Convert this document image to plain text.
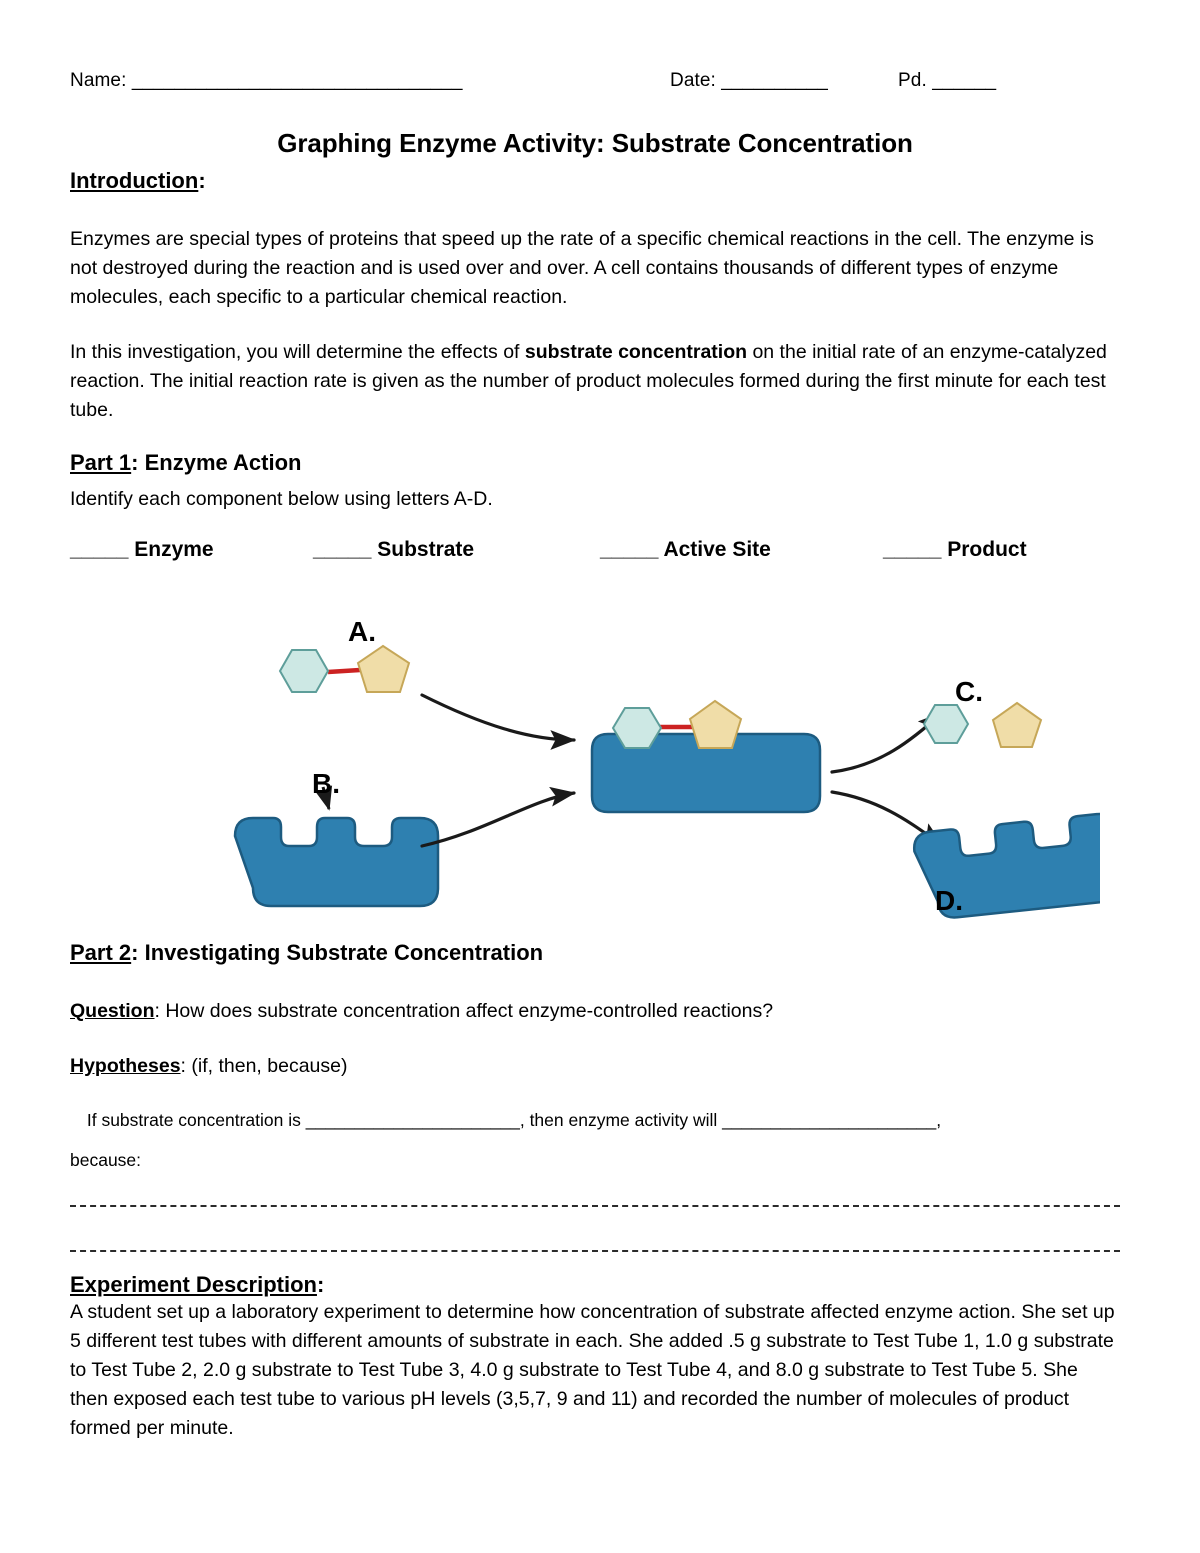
Name: _______________________________	Date: __________	Pd. ______
Graphing Enzyme Activity: Substrate Concentration
Introduction:
Enzymes are special types of proteins that speed up the rate of a specific chemical reactions in the cell. The enzyme is not destroyed during the reaction and is used over and over. A cell contains thousands of different types of enzyme molecules, each specific to a particular chemical reaction.
In this investigation, you will determine the effects of substrate concentration on the initial rate of an enzyme-catalyzed reaction. The initial reaction rate is given as the number of product molecules formed during the first minute for each test tube.
Part 1: Enzyme Action
Identify each component below using letters A-D.
_____ Enzyme	_____ Substrate	_____ Active Site	_____ Product
A.
B.
C.
D.
Part 2: Investigating Substrate Concentration
Question: How does substrate concentration affect enzyme-controlled reactions?
Hypotheses: (if, then, because)
If substrate concentration is ______________________, then enzyme activity will ______________________,
because:
Experiment Description:
A student set up a laboratory experiment to determine how concentration of substrate affected enzyme action. She set up 5 different test tubes with different amounts of substrate in each. She added .5 g substrate to Test Tube 1, 1.0 g substrate to Test Tube 2, 2.0 g substrate to Test Tube 3, 4.0 g substrate to Test Tube 4, and 8.0 g substrate to Test Tube 5. She then exposed each test tube to various pH levels (3,5,7, 9 and 11) and recorded the number of molecules of product formed per minute.
